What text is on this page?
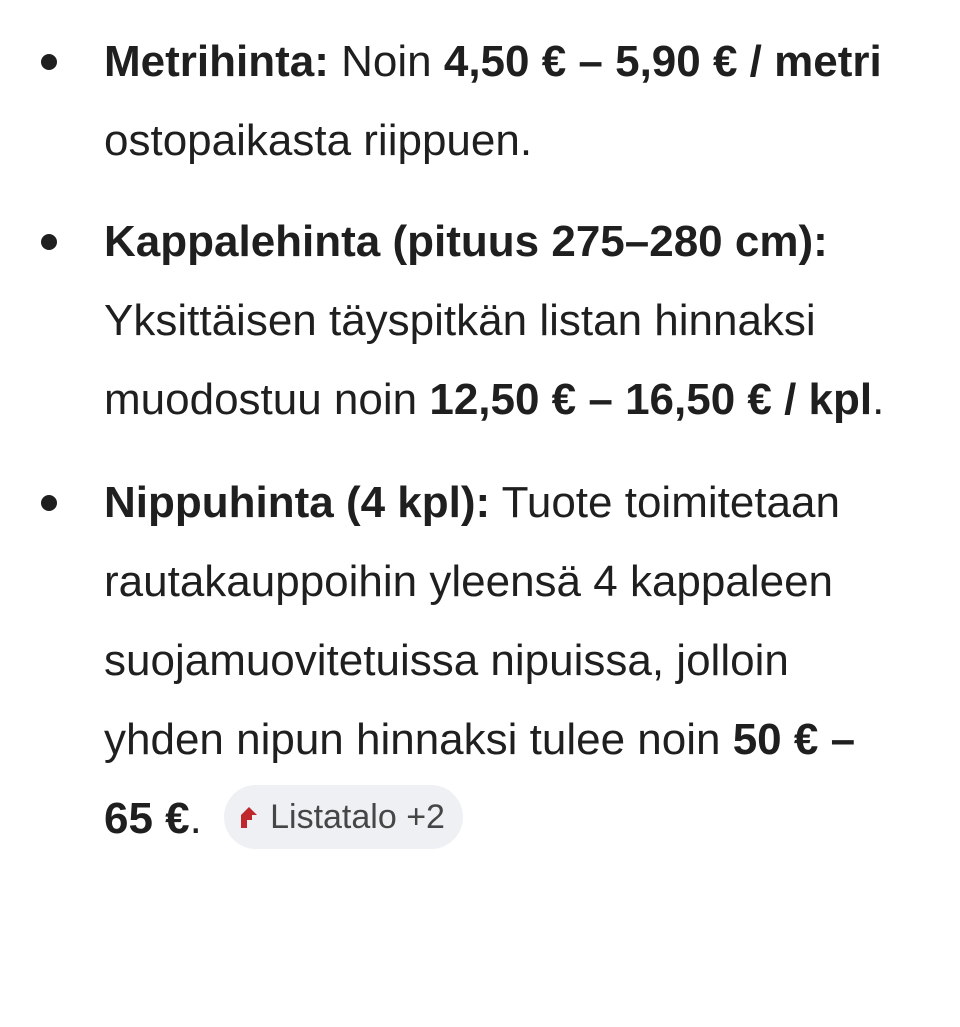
Metrihinta: Noin 4,50 € – 5,90 € / metri ostopaikasta riippuen.
Kappalehinta (pituus 275–280 cm): Yksittäisen täyspitkän listan hinnaksi muodostuu noin 12,50 € – 16,50 € / kpl.
Nippuhinta (4 kpl): Tuote toimitetaan rautakauppoihin yleensä 4 kappaleen suojamuovitetuissa nipuissa, jolloin yhden nipun hinnaksi tulee noin 50 € – 65 €. Listatalo +2
